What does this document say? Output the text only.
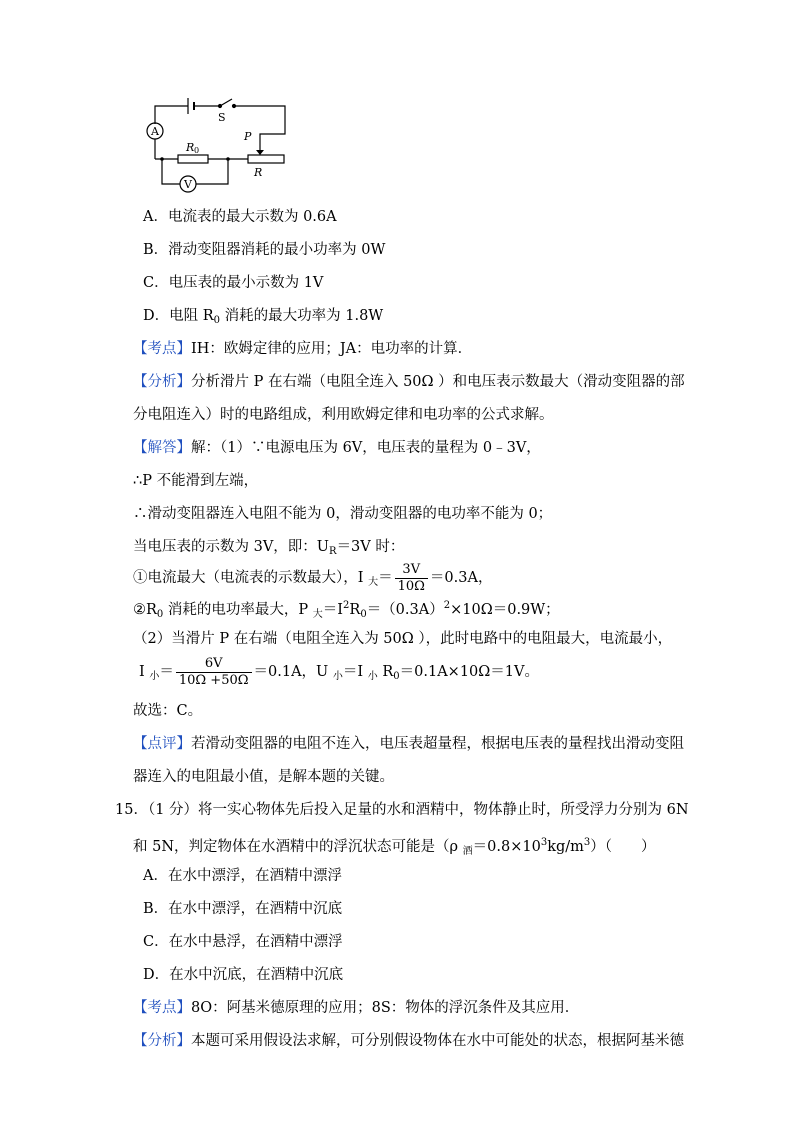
A
V
S
R 0
P
R
A．电流表的最大示数为 0.6A
B．滑动变阻器消耗的最小功率为 0W
C．电压表的最小示数为 1V
D．电阻 $R_0$ 消耗的最大功率为 1.8W
【考点】IH：欧姆定律的应用；JA：电功率的计算．
【分析】分析滑片 P 在右端（电阻全连入 50Ω ）和电压表示数最大（滑动变阻器的部
分电阻连入）时的电路组成，利用欧姆定律和电功率的公式求解。
【解答】解：（1）∵电源电压为 6V，电压表的量程为 0﹣3V，
∴P 不能滑到左端，
∴滑动变阻器连入电阻不能为 0，滑动变阻器的电功率不能为 0；
当电压表的示数为 3V，即：$U_R=3V$ 时：
①电流最大（电流表的示数最大），I $_大= \frac{3V}{10\Omega} =0.3A$，
$②R_0$ 消耗的电功率最大，P $_大=I^2R_0=(0.3A)^2\times 10\Omega=0.9W$；
（2）当滑片 P 在右端（电阻全连入为 50Ω ），此时电路中的电阻最大，电流最小，
I $_小= \frac{6V}{10\Omega +50\Omega} =0.1A$，U $_小$＝I $_小$ $R_0=0.1A\times 10\Omega=1V$。
故选：C。
【点评】若滑动变阻器的电阻不连入，电压表超量程，根据电压表的量程找出滑动变阻
器连入的电阻最小值，是解本题的关键。
15．（1 分）将一实心物体先后投入足量的水和酒精中，物体静止时，所受浮力分别为 6N
和 5N，判定物体在水酒精中的浮沉状态可能是（ρ $_酒=0.8\times 10^3kg/m^3$）（　　）
A．在水中漂浮，在酒精中漂浮
B．在水中漂浮，在酒精中沉底
C．在水中悬浮，在酒精中漂浮
D．在水中沉底，在酒精中沉底
【考点】8O：阿基米德原理的应用；8S：物体的浮沉条件及其应用．
【分析】本题可采用假设法求解，可分别假设物体在水中可能处的状态，根据阿基米德
